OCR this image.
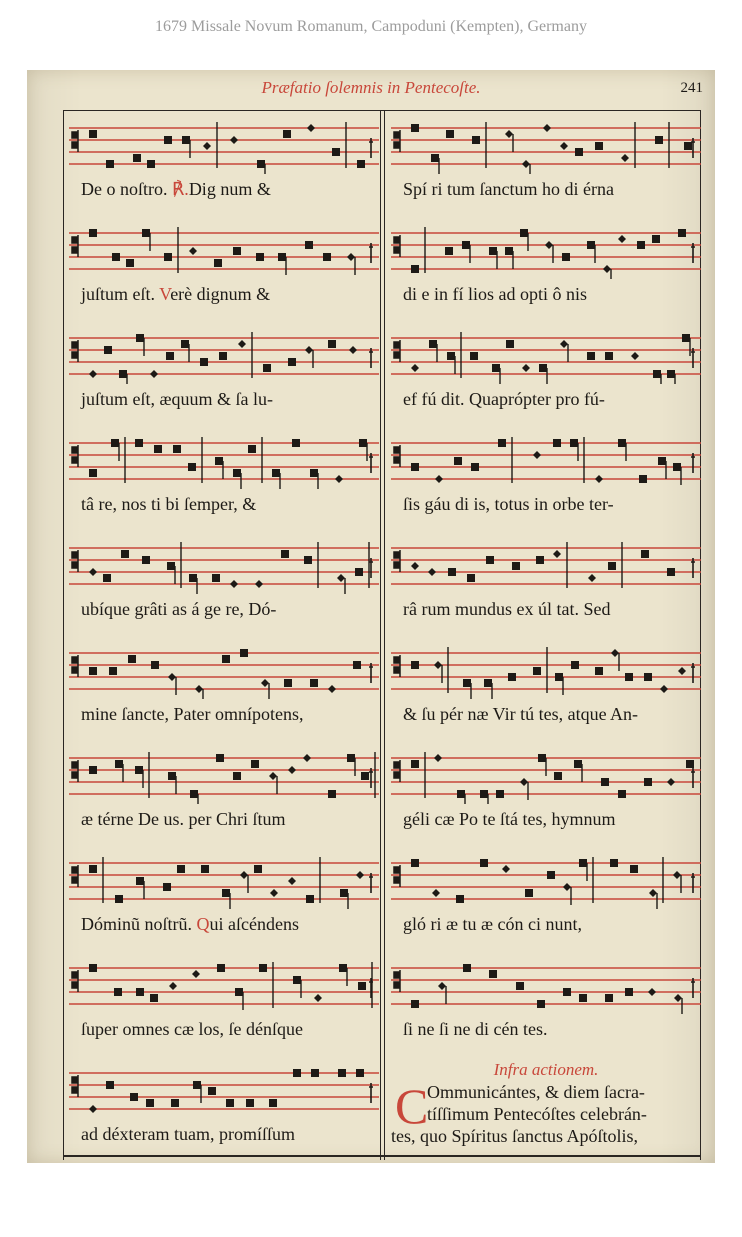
1679 Missale Novum Romanum, Campoduni (Kempten), Germany
Præfatio ſolemnis in Pentecoſte.	241
De o noſtro. ℟.Dig num &
juſtum eſt. Verè dignum &
juſtum eſt, æquum & ſa lu-
tâ re, nos ti bi ſemper, &
ubíque grâti as á ge re, Dó-
mine ſancte, Pater omnípotens,
æ térne De us. per Chri ſtum
Dóminũ noſtrũ. Qui aſcéndens
ſuper omnes cæ los, ſe dénſque
ad déxteram tuam, promíſſum
Spí ri tum ſanctum ho di érna
di e in fí lios ad opti ô nis
ef fú dit. Quaprópter pro fú-
ſis gáu di is, totus in orbe ter-
râ rum mundus ex úl tat. Sed
& ſu pér næ Vir tú tes, atque An-
géli cæ Po te ſtá tes, hymnum
gló ri æ tu æ cón ci nunt,
ſi ne ſi ne di cén tes.
Infra actionem.
C
Ommunicántes, & diem ſacra-
tíſſimum Pentecóſtes celebrán-
tes, quo Spíritus ſanctus Apóſtolis,
